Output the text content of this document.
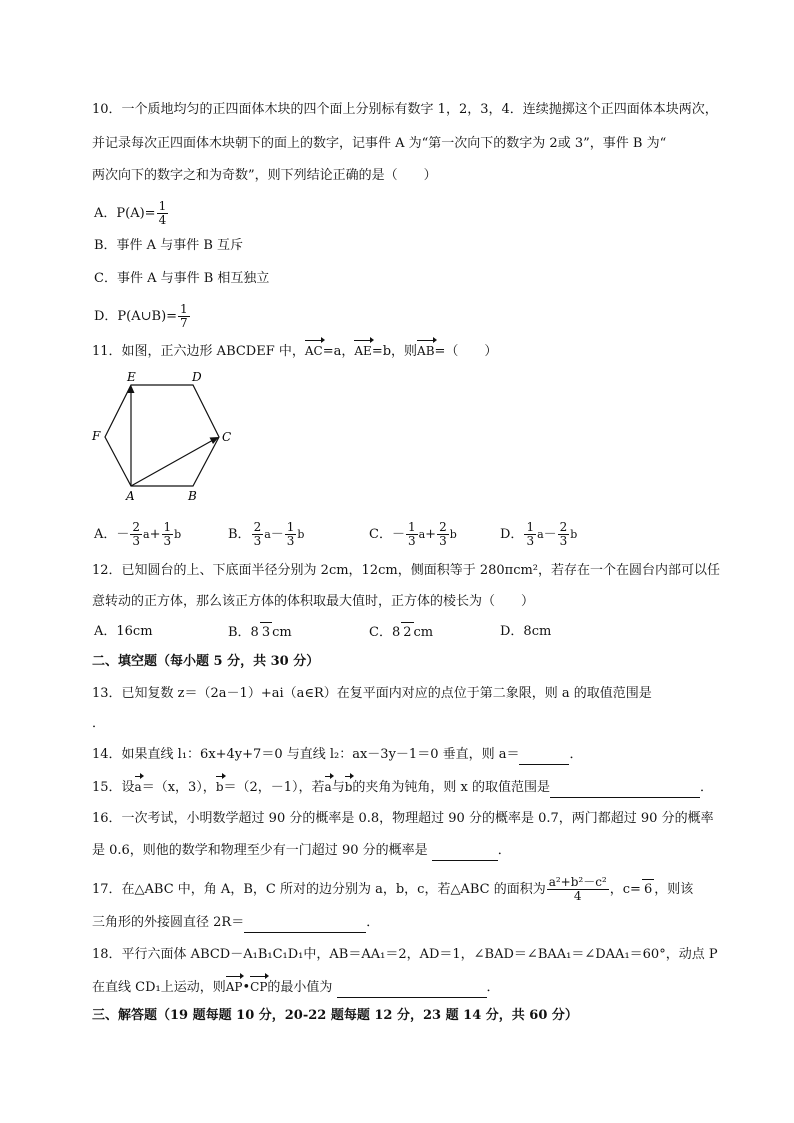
10．一个质地均匀的正四面体木块的四个面上分别标有数字 1，2，3，4．连续抛掷这个正四面体本块两次，
并记录每次正四面体木块朝下的面上的数字，记事件 A 为“第一次向下的数字为 2或 3”，事件 B 为“
两次向下的数字之和为奇数”，则下列结论正确的是（　　）
A．$P(A)= \frac{1}{4}$
B．事件 A 与事件 B 互斥
C．事件 A 与事件 B 相互独立
D．P(A∪B)= $\frac{1}{7}$
11．如图，正六边形 ABCDEF 中，AC=a，AE=b，则AB=（　　）
E	D
F	C
A	B
A．－ $\frac{2}{3} a+ \frac{1}{3}$ b	B． $\frac{2}{3} a- \frac{1}{3}$ b	C．－ $\frac{1}{3} a+ \frac{2}{3}$ b	D． $\frac{1}{3} a- \frac{2}{3}$ b
12．已知圆台的上、下底面半径分别为 2cm，12cm，侧面积等于 280πcm²，若存在一个在圆台内部可以任
意转动的正方体，那么该正方体的体积取最大值时，正方体的棱长为（　　）
A．16cm	B．8 3 cm	C．8 2 cm	D．8cm
二、填空题（每小题 5 分，共 30 分）
13．已知复数 z＝（2a－1）+ai（a∈R）在复平面内对应的点位于第二象限，则 a 的取值范围是
．
14．如果直线 l₁：6x+4y+7＝0 与直线 l₂：ax－3y－1＝0 垂直，则 a＝	．
15．设a＝（x，3），b＝（2，－1），若a与b的夹角为钝角，则 x 的取值范围是	．
16．一次考试，小明数学超过 90 分的概率是 0.8，物理超过 90 分的概率是 0.7，两门都超过 90 分的概率
是 0.6，则他的数学和物理至少有一门超过 90 分的概率是	．
17．在△ABC 中，角 A，B，C 所对的边分别为 a，b，c，若△ABC 的面积为 $\frac{\text{a²+b²－c²}}{4}$ ，c= 6 ，则该
三角形的外接圆直径 2R＝	．
18．平行六面体 ABCD－A₁B₁C₁D₁中，AB＝AA₁＝2，AD＝1，∠BAD＝∠BAA₁＝∠DAA₁＝60°，动点 P
在直线 CD₁上运动，则AP•CP的最小值为	．
三、解答题（19 题每题 10 分，20-22 题每题 12 分，23 题 14 分，共 60 分）
